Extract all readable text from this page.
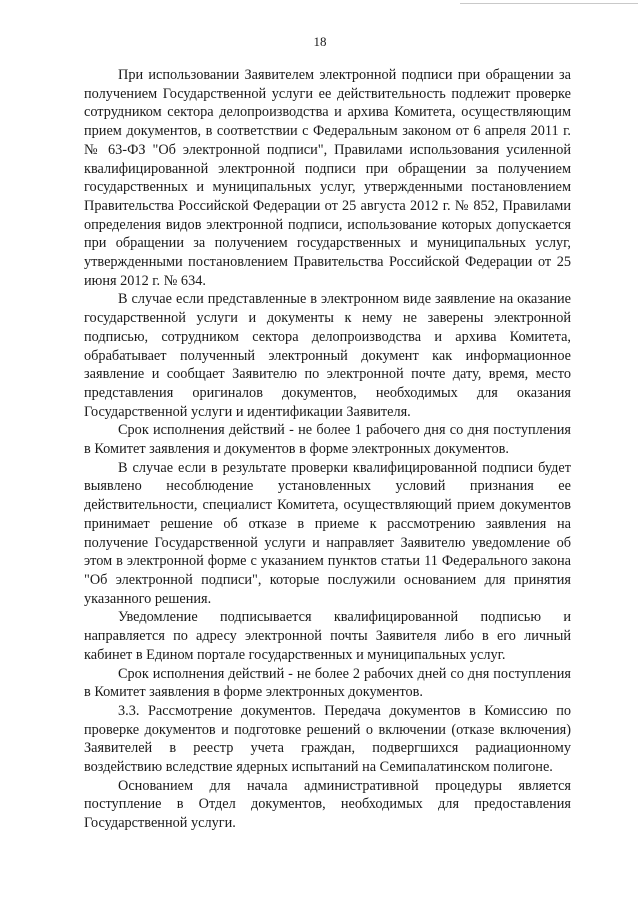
18

При использовании Заявителем электронной подписи при обращении за получением Государственной услуги ее действительность подлежит проверке сотрудником сектора делопроизводства и архива Комитета, осуществляющим прием документов, в соответствии с Федеральным законом от 6 апреля 2011 г. № 63-ФЗ "Об электронной подписи", Правилами использования усиленной квалифицированной электронной подписи при обращении за получением государственных и муниципальных услуг, утвержденными постановлением Правительства Российской Федерации от 25 августа 2012 г. № 852, Правилами определения видов электронной подписи, использование которых допускается при обращении за получением государственных и муниципальных услуг, утвержденными постановлением Правительства Российской Федерации от 25 июня 2012 г. № 634.

В случае если представленные в электронном виде заявление на оказание государственной услуги и документы к нему не заверены электронной подписью, сотрудником сектора делопроизводства и архива Комитета, обрабатывает полученный электронный документ как информационное заявление и сообщает Заявителю по электронной почте дату, время, место представления оригиналов документов, необходимых для оказания Государственной услуги и идентификации Заявителя.

Срок исполнения действий - не более 1 рабочего дня со дня поступления в Комитет заявления и документов в форме электронных документов.

В случае если в результате проверки квалифицированной подписи будет выявлено несоблюдение установленных условий признания ее действительности, специалист Комитета, осуществляющий прием документов принимает решение об отказе в приеме к рассмотрению заявления на получение Государственной услуги и направляет Заявителю уведомление об этом в электронной форме с указанием пунктов статьи 11 Федерального закона "Об электронной подписи", которые послужили основанием для принятия указанного решения.

Уведомление подписывается квалифицированной подписью и направляется по адресу электронной почты Заявителя либо в его личный кабинет в Едином портале государственных и муниципальных услуг.

Срок исполнения действий - не более 2 рабочих дней со дня поступления в Комитет заявления в форме электронных документов.

3.3. Рассмотрение документов. Передача документов в Комиссию по проверке документов и подготовке решений о включении (отказе включения) Заявителей в реестр учета граждан, подвергшихся радиационному воздействию вследствие ядерных испытаний на Семипалатинском полигоне.

Основанием для начала административной процедуры является поступление в Отдел документов, необходимых для предоставления Государственной услуги.
